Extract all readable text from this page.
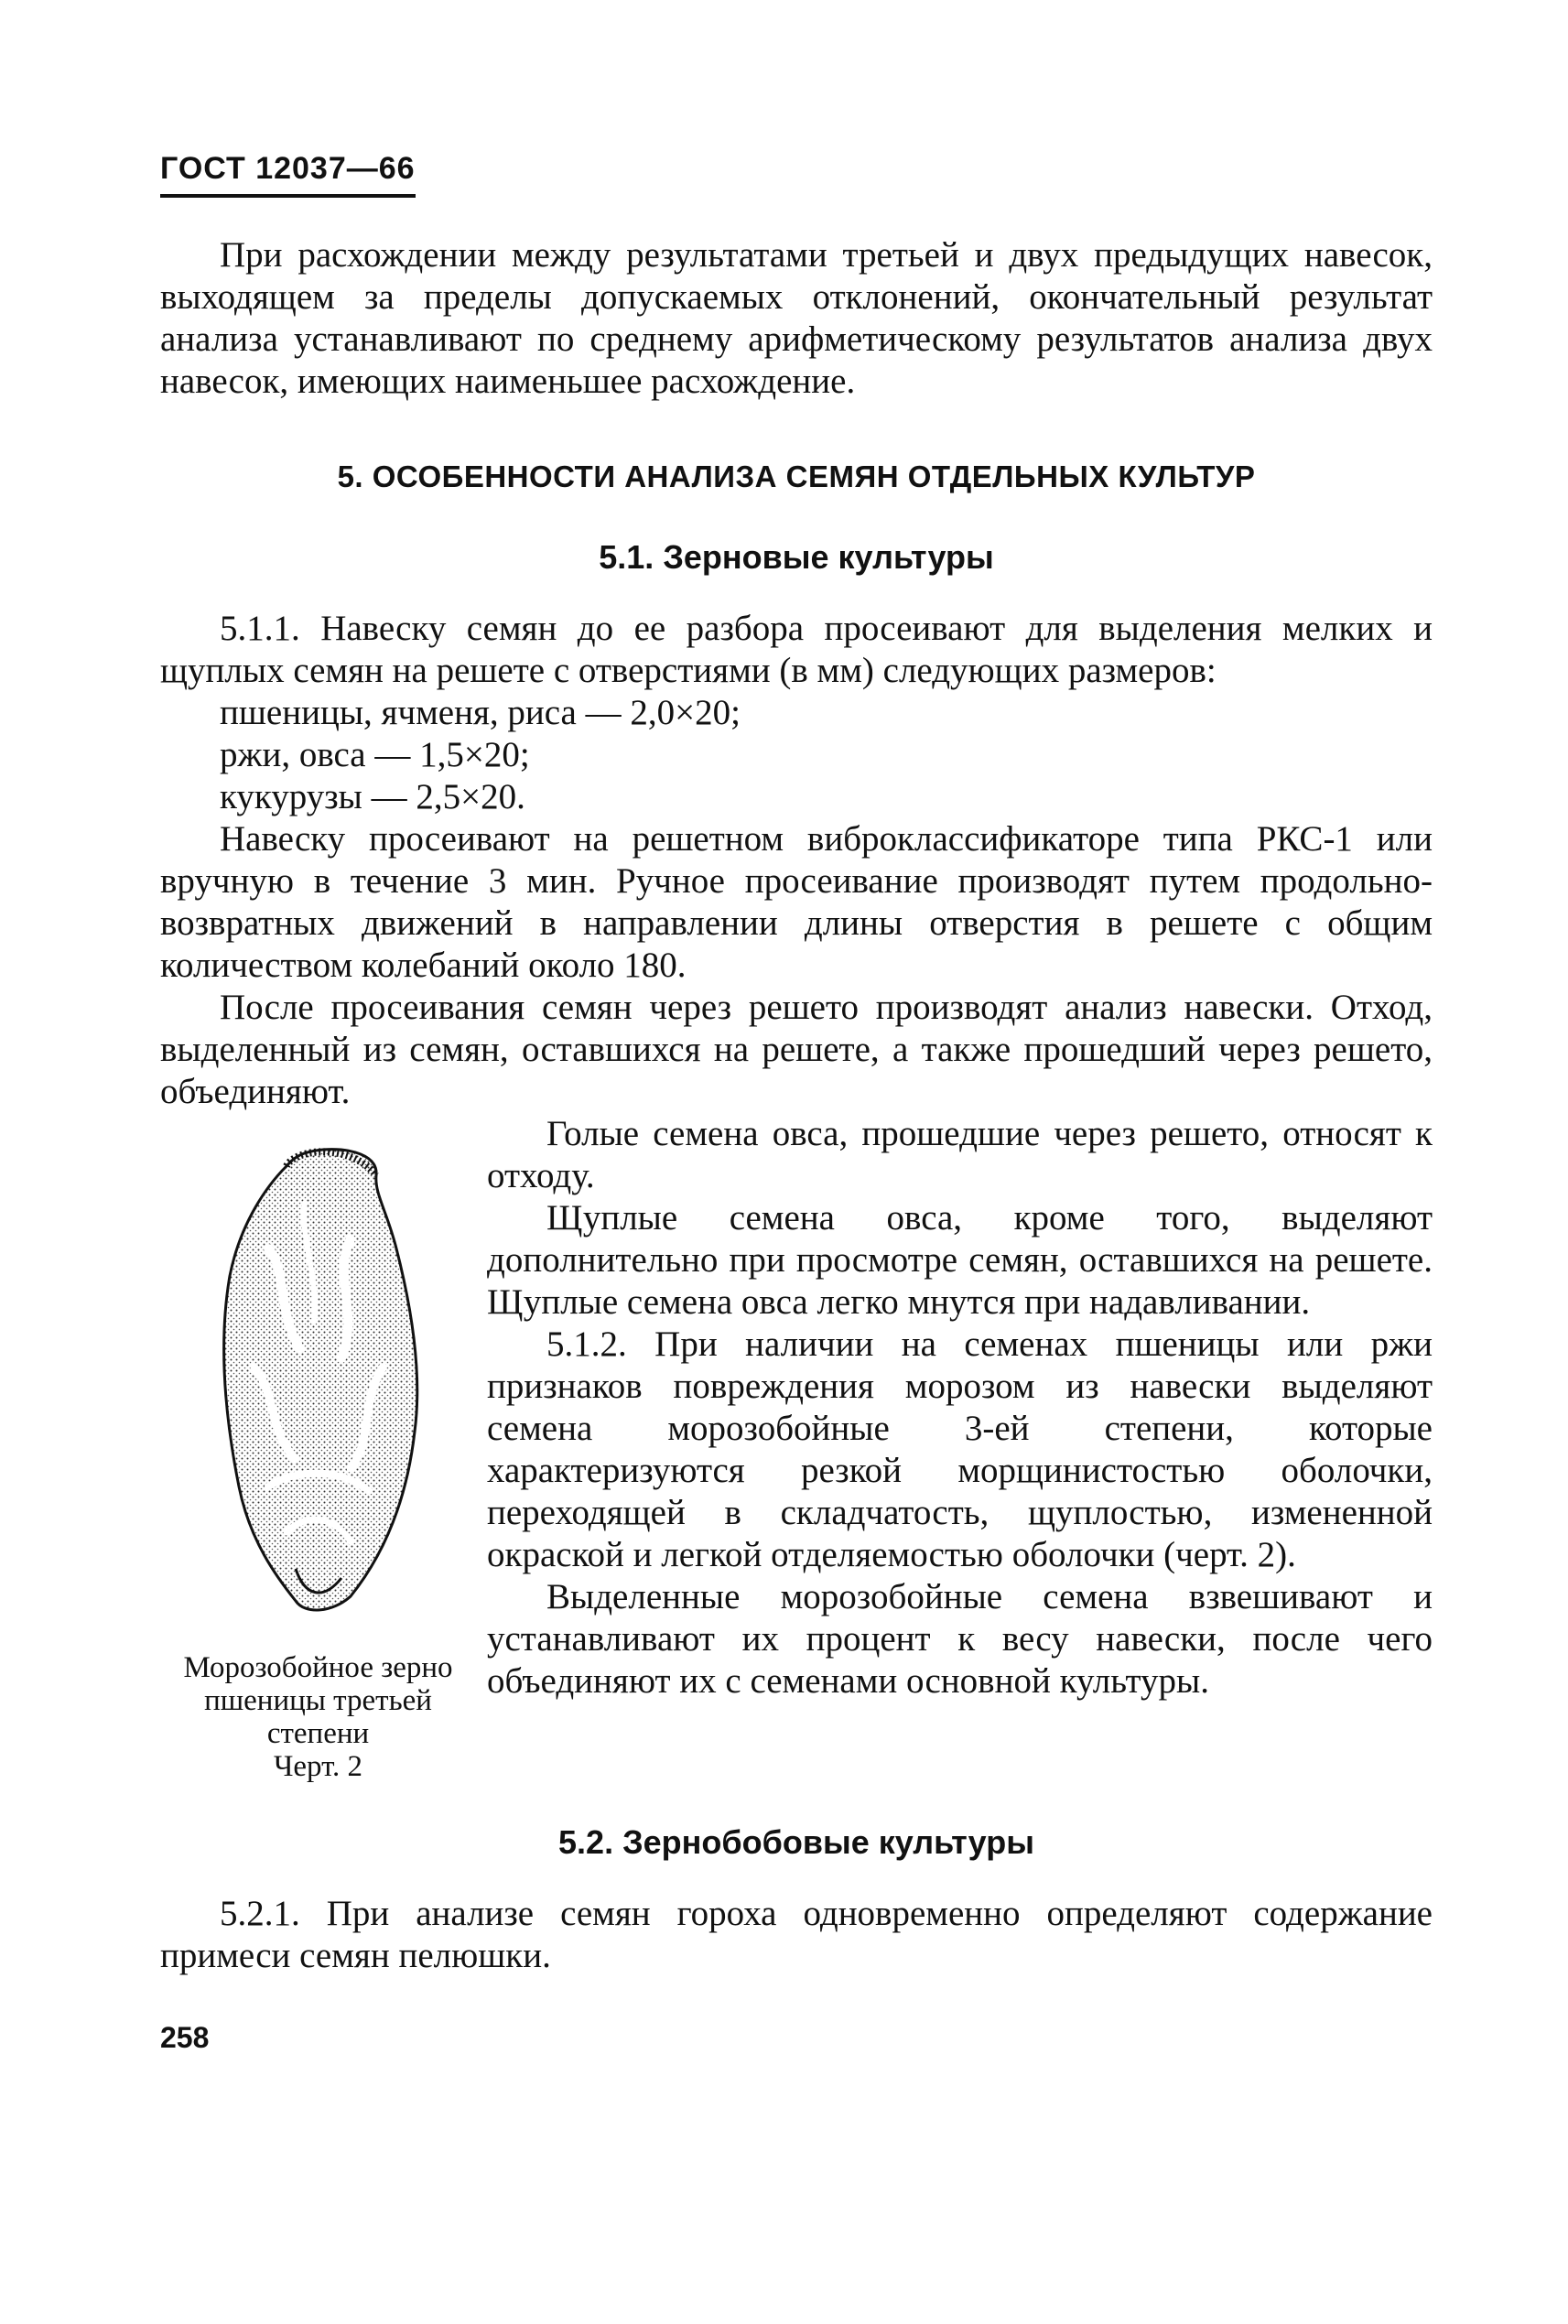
ГОСТ 12037—66

При расхождении между результатами третьей и двух предыдущих навесок, выходящем за пределы допускаемых отклонений, окончательный результат анализа устанавливают по среднему арифметическому результатов анализа двух навесок, имеющих наименьшее расхождение.

5. ОСОБЕННОСТИ АНАЛИЗА СЕМЯН ОТДЕЛЬНЫХ КУЛЬТУР
5.1. Зерновые культуры

5.1.1. Навеску семян до ее разбора просеивают для выделения мелких и щуплых семян на решете с отверстиями (в мм) следующих размеров:

пшеницы, ячменя, риса — 2,0×20;
ржи, овса — 1,5×20;
кукурузы — 2,5×20.

Навеску просеивают на решетном виброклассификаторе типа РКС-1 или вручную в течение 3 мин. Ручное просеивание производят путем продольно-возвратных движений в направлении длины отверстия в решете с общим количеством колебаний около 180.

После просеивания семян через решето производят анализ навески. Отход, выделенный из семян, оставшихся на решете, а также прошедший через решето, объединяют.

Морозобойное зерно
пшеницы третьей
степени
Черт. 2

Голые семена овса, прошедшие через решето, относят к отходу.

Щуплые семена овса, кроме того, выделяют дополнительно при просмотре семян, оставшихся на решете. Щуплые семена овса легко мнутся при надавливании.

5.1.2. При наличии на семенах пшеницы или ржи признаков повреждения морозом из навески выделяют семена морозобойные 3-ей степени, которые характеризуются резкой морщинистостью оболочки, переходящей в складчатость, щуплостью, измененной окраской и легкой отделяемостью оболочки (черт. 2).

Выделенные морозобойные семена взвешивают и устанавливают их процент к весу навески, после чего объединяют их с семенами основной культуры.

5.2. Зернобобовые культуры

5.2.1. При анализе семян гороха одновременно определяют содержание примеси семян пелюшки.

258
